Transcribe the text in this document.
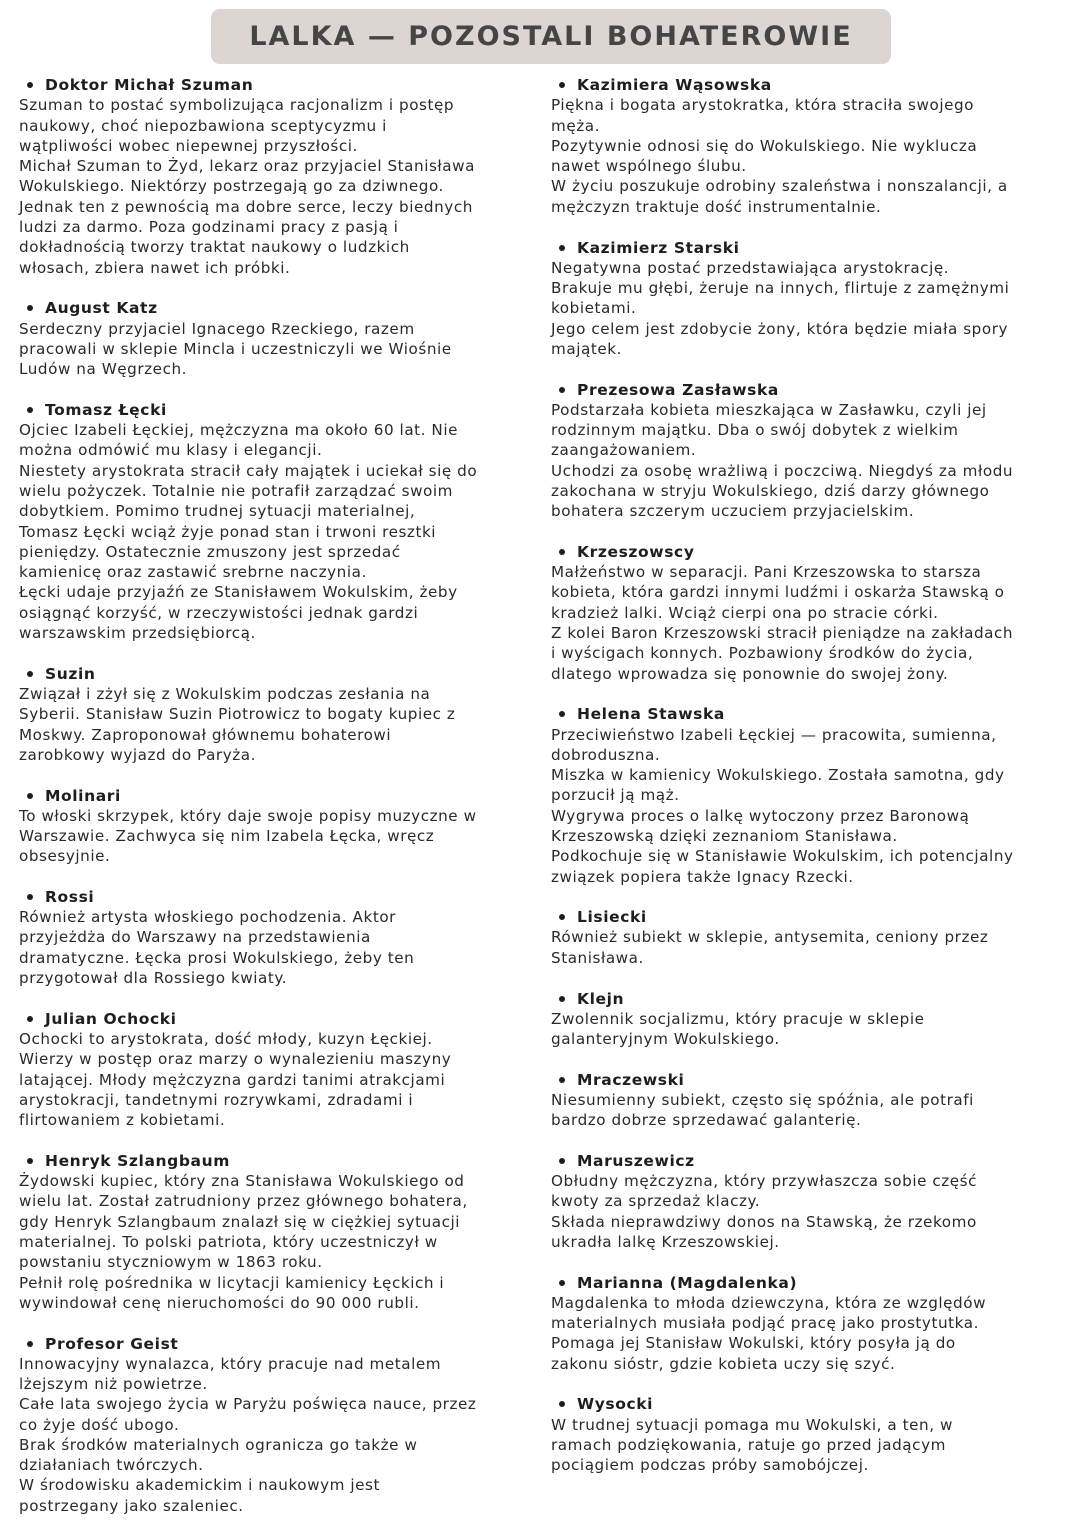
LALKA — POZOSTALI BOHATEROWIE
Doktor Michał Szuman
Szuman to postać symbolizująca racjonalizm i postęp
naukowy, choć niepozbawiona sceptycyzmu i
wątpliwości wobec niepewnej przyszłości.
Michał Szuman to Żyd, lekarz oraz przyjaciel Stanisława
Wokulskiego. Niektórzy postrzegają go za dziwnego.
Jednak ten z pewnością ma dobre serce, leczy biednych
ludzi za darmo. Poza godzinami pracy z pasją i
dokładnością tworzy traktat naukowy o ludzkich
włosach, zbiera nawet ich próbki.
August Katz
Serdeczny przyjaciel Ignacego Rzeckiego, razem
pracowali w sklepie Mincla i uczestniczyli we Wiośnie
Ludów na Węgrzech.
Tomasz Łęcki
Ojciec Izabeli Łęckiej, mężczyzna ma około 60 lat. Nie
można odmówić mu klasy i elegancji.
Niestety arystokrata stracił cały majątek i uciekał się do
wielu pożyczek. Totalnie nie potrafił zarządzać swoim
dobytkiem. Pomimo trudnej sytuacji materialnej,
Tomasz Łęcki wciąż żyje ponad stan i trwoni resztki
pieniędzy. Ostatecznie zmuszony jest sprzedać
kamienicę oraz zastawić srebrne naczynia.
Łęcki udaje przyjaźń ze Stanisławem Wokulskim, żeby
osiągnąć korzyść, w rzeczywistości jednak gardzi
warszawskim przedsiębiorcą.
Suzin
Związał i zżył się z Wokulskim podczas zesłania na
Syberii. Stanisław Suzin Piotrowicz to bogaty kupiec z
Moskwy. Zaproponował głównemu bohaterowi
zarobkowy wyjazd do Paryża.
Molinari
To włoski skrzypek, który daje swoje popisy muzyczne w
Warszawie. Zachwyca się nim Izabela Łęcka, wręcz
obsesyjnie.
Rossi
Również artysta włoskiego pochodzenia. Aktor
przyjeżdża do Warszawy na przedstawienia
dramatyczne. Łęcka prosi Wokulskiego, żeby ten
przygotował dla Rossiego kwiaty.
Julian Ochocki
Ochocki to arystokrata, dość młody, kuzyn Łęckiej.
Wierzy w postęp oraz marzy o wynalezieniu maszyny
latającej. Młody mężczyzna gardzi tanimi atrakcjami
arystokracji, tandetnymi rozrywkami, zdradami i
flirtowaniem z kobietami.
Henryk Szlangbaum
Żydowski kupiec, który zna Stanisława Wokulskiego od
wielu lat. Został zatrudniony przez głównego bohatera,
gdy Henryk Szlangbaum znalazł się w ciężkiej sytuacji
materialnej. To polski patriota, który uczestniczył w
powstaniu styczniowym w 1863 roku.
Pełnił rolę pośrednika w licytacji kamienicy Łęckich i
wywindował cenę nieruchomości do 90 000 rubli.
Profesor Geist
Innowacyjny wynalazca, który pracuje nad metalem
lżejszym niż powietrze.
Całe lata swojego życia w Paryżu poświęca nauce, przez
co żyje dość ubogo.
Brak środków materialnych ogranicza go także w
działaniach twórczych.
W środowisku akademickim i naukowym jest
postrzegany jako szaleniec.
Kazimiera Wąsowska
Piękna i bogata arystokratka, która straciła swojego
męża.
Pozytywnie odnosi się do Wokulskiego. Nie wyklucza
nawet wspólnego ślubu.
W życiu poszukuje odrobiny szaleństwa i nonszalancji, a
mężczyzn traktuje dość instrumentalnie.
Kazimierz Starski
Negatywna postać przedstawiająca arystokrację.
Brakuje mu głębi, żeruje na innych, flirtuje z zamężnymi
kobietami.
Jego celem jest zdobycie żony, która będzie miała spory
majątek.
Prezesowa Zasławska
Podstarzała kobieta mieszkająca w Zasławku, czyli jej
rodzinnym majątku. Dba o swój dobytek z wielkim
zaangażowaniem.
Uchodzi za osobę wrażliwą i poczciwą. Niegdyś za młodu
zakochana w stryju Wokulskiego, dziś darzy głównego
bohatera szczerym uczuciem przyjacielskim.
Krzeszowscy
Małżeństwo w separacji. Pani Krzeszowska to starsza
kobieta, która gardzi innymi ludźmi i oskarża Stawską o
kradzież lalki. Wciąż cierpi ona po stracie córki.
Z kolei Baron Krzeszowski stracił pieniądze na zakładach
i wyścigach konnych. Pozbawiony środków do życia,
dlatego wprowadza się ponownie do swojej żony.
Helena Stawska
Przeciwieństwo Izabeli Łęckiej — pracowita, sumienna,
dobroduszna.
Miszka w kamienicy Wokulskiego. Została samotna, gdy
porzucił ją mąż.
Wygrywa proces o lalkę wytoczony przez Baronową
Krzeszowską dzięki zeznaniom Stanisława.
Podkochuje się w Stanisławie Wokulskim, ich potencjalny
związek popiera także Ignacy Rzecki.
Lisiecki
Również subiekt w sklepie, antysemita, ceniony przez
Stanisława.
Klejn
Zwolennik socjalizmu, który pracuje w sklepie
galanteryjnym Wokulskiego.
Mraczewski
Niesumienny subiekt, często się spóźnia, ale potrafi
bardzo dobrze sprzedawać galanterię.
Maruszewicz
Obłudny mężczyzna, który przywłaszcza sobie część
kwoty za sprzedaż klaczy.
Składa nieprawdziwy donos na Stawską, że rzekomo
ukradła lalkę Krzeszowskiej.
Marianna (Magdalenka)
Magdalenka to młoda dziewczyna, która ze względów
materialnych musiała podjąć pracę jako prostytutka.
Pomaga jej Stanisław Wokulski, który posyła ją do
zakonu sióstr, gdzie kobieta uczy się szyć.
Wysocki
W trudnej sytuacji pomaga mu Wokulski, a ten, w
ramach podziękowania, ratuje go przed jadącym
pociągiem podczas próby samobójczej.
